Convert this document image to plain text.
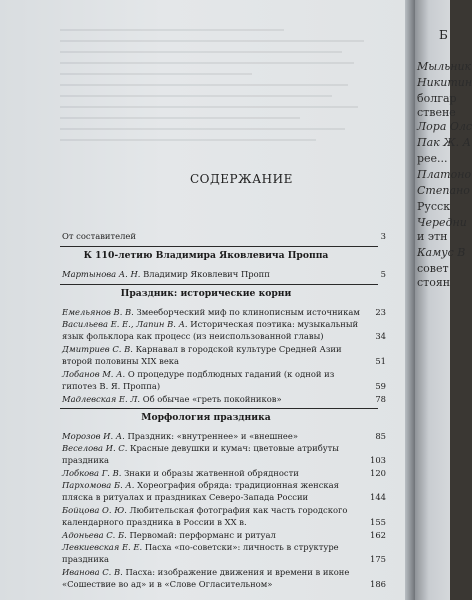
СОДЕРЖАНИЕ
От составителей	3
К 110-летию Владимира Яковлевича Проппа
Мартынова А. Н. Владимир Яковлевич Пропп	5
Праздник: исторические корни
Емельянов В. В. Змееборческий миф по клинописным источникам	23
Васильева Е. Е., Лапин В. А. Историческая поэтика: музыкальный язык фольклора как процесс (из неиспользованной главы)	34
Дмитриев С. В. Карнавал в городской культуре Средней Азии второй половины XIX века	51
Лобанов М. А. О процедуре подблюдных гаданий (к одной из гипотез В. Я. Проппа)	59
Мадлевская Е. Л. Об обычае «греть покойников»	78
Морфология праздника
Морозов И. А. Праздник: «внутреннее» и «внешнее»	85
Веселова И. С. Красные девушки и кумач: цветовые атрибуты праздника	103
Лобкова Г. В. Знаки и образы жатвенной обрядности	120
Пархомова Б. А. Хореография обряда: традиционная женская пляска в ритуалах и праздниках Северо-Запада России	144
Бойцова О. Ю. Любительская фотография как часть городского календарного праздника в России в XX в.	155
Адоньева С. Б. Первомай: перформанс и ритуал	162
Левкиевская Е. Е. Пасха «по-советски»: личность в структуре праздника	175
Иванова С. В. Пасха: изображение движения и времени в иконе «Сошествие во ад» и в «Слове Огласительном»	186
Б
Мыльник
Никитин
болгар
ствене
Лора Олс
Пак Ж. А
рее...
Платоно
Степано
Русск
Чередни
и этн
Камус В
совет
стоян
